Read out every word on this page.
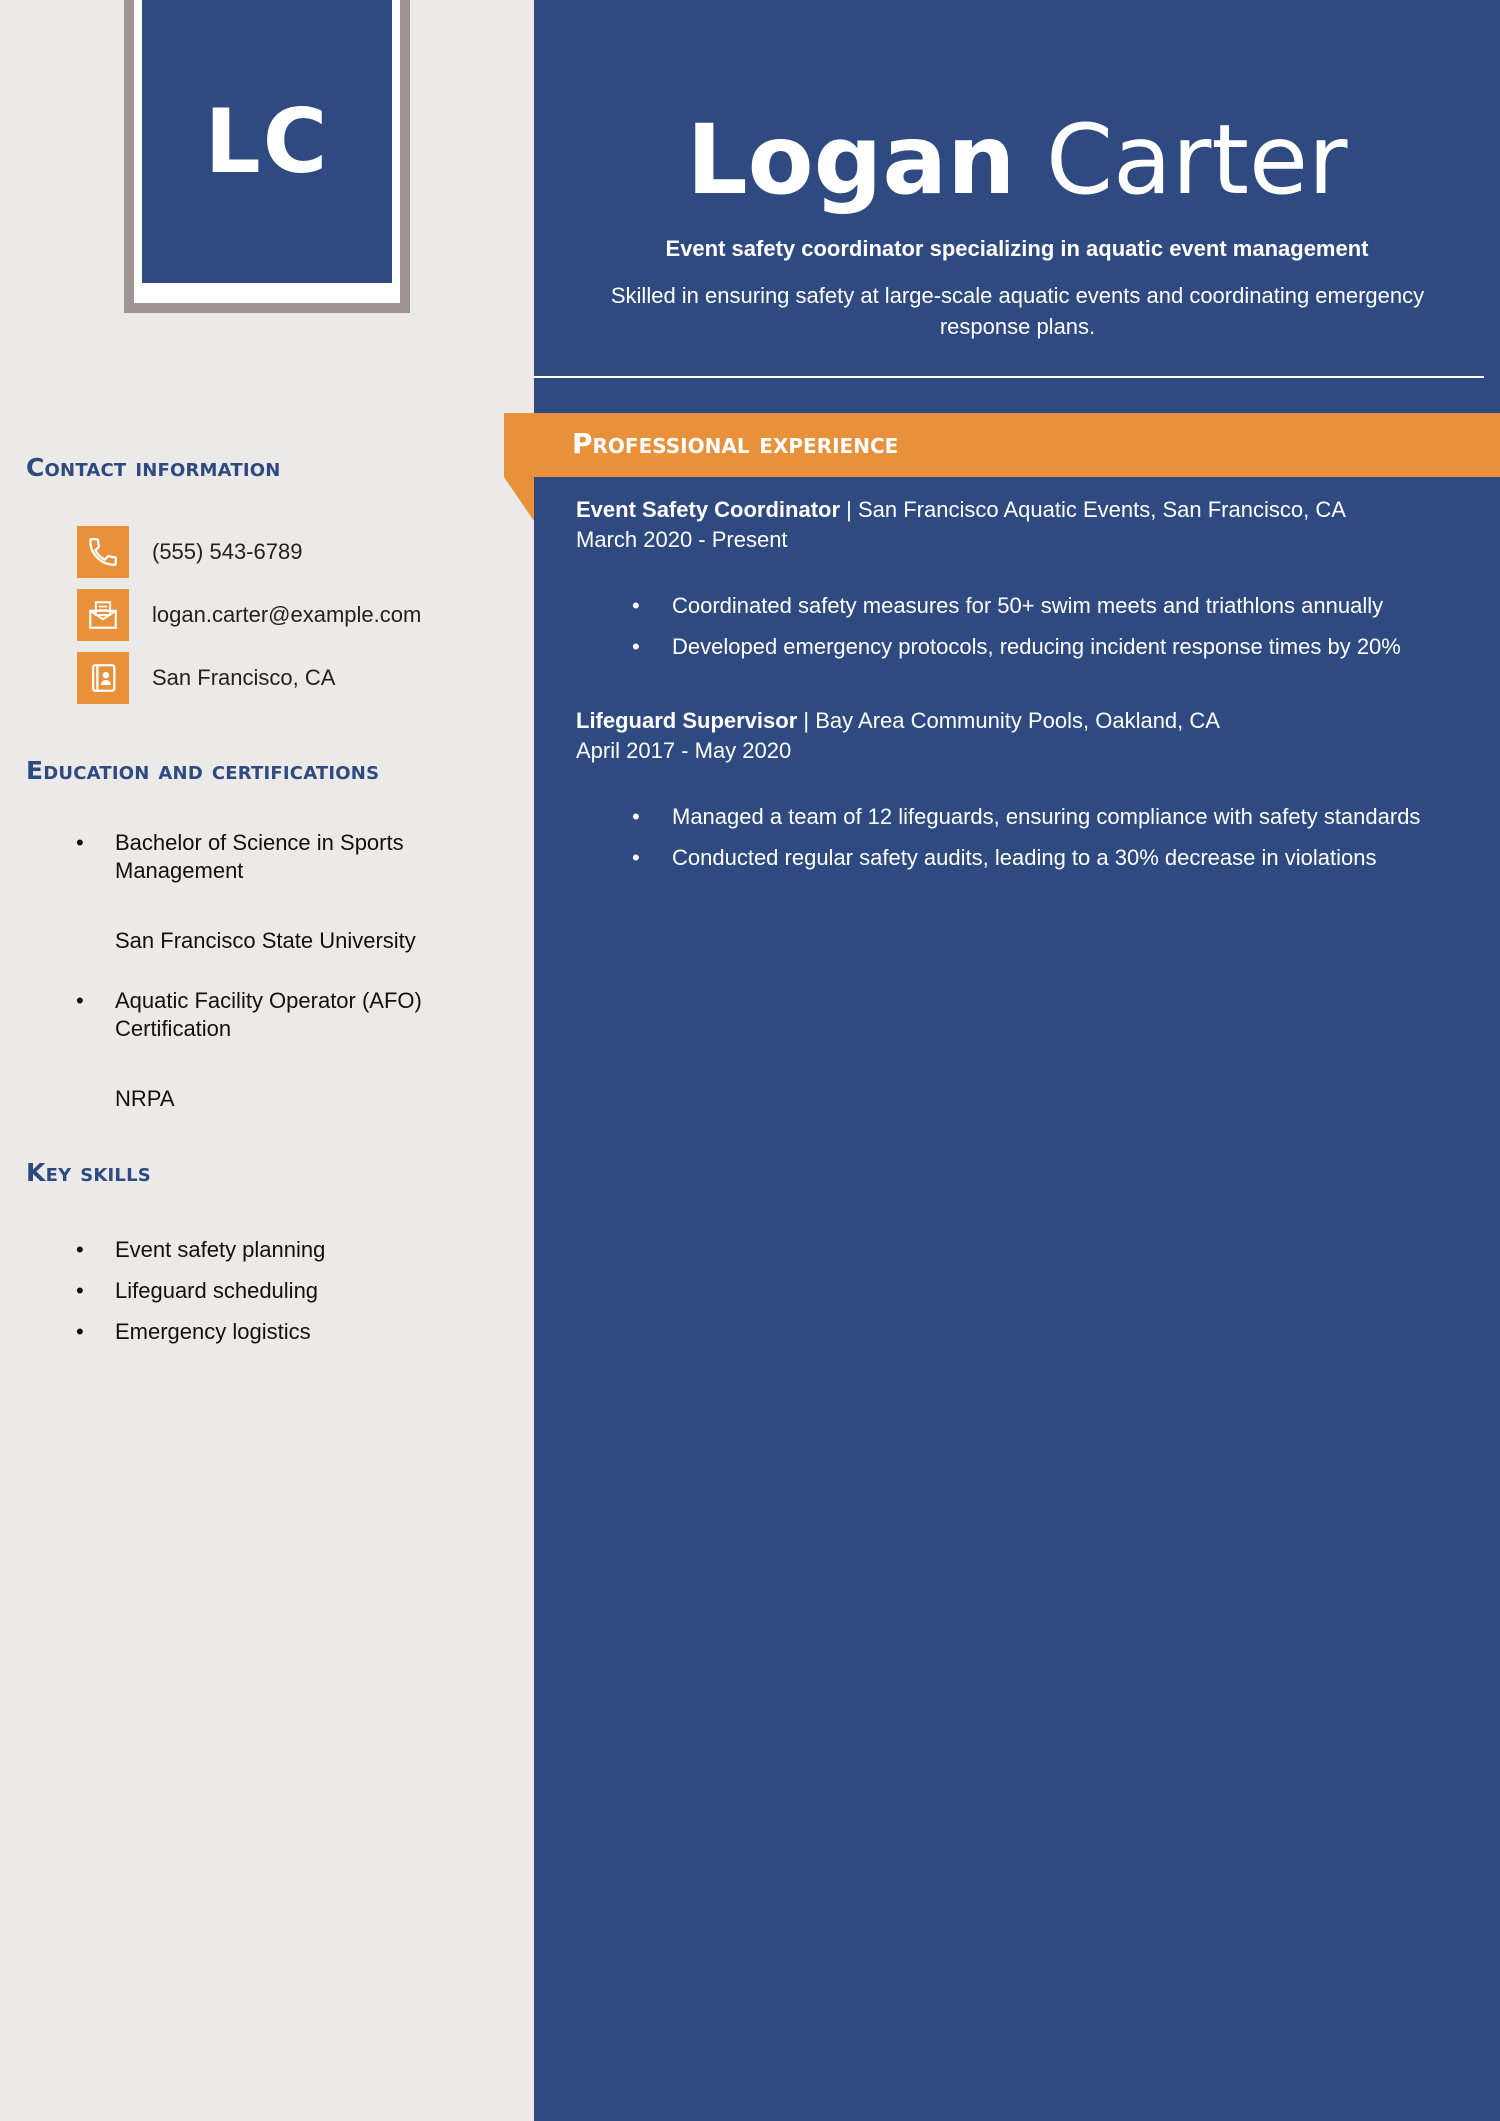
LC
Contact information
(555) 543-6789
logan.carter@example.com
San Francisco, CA
Education and certifications
• Bachelor of Science in Sports Management
San Francisco State University
• Aquatic Facility Operator (AFO) Certification
NRPA
Key skills
• Event safety planning
• Lifeguard scheduling
• Emergency logistics
Logan Carter
Event safety coordinator specializing in aquatic event management
Skilled in ensuring safety at large-scale aquatic events and coordinating emergency response plans.
Professional experience
Event Safety Coordinator | San Francisco Aquatic Events, San Francisco, CA
March 2020 - Present
• Coordinated safety measures for 50+ swim meets and triathlons annually
• Developed emergency protocols, reducing incident response times by 20%
Lifeguard Supervisor | Bay Area Community Pools, Oakland, CA
April 2017 - May 2020
• Managed a team of 12 lifeguards, ensuring compliance with safety standards
• Conducted regular safety audits, leading to a 30% decrease in violations
